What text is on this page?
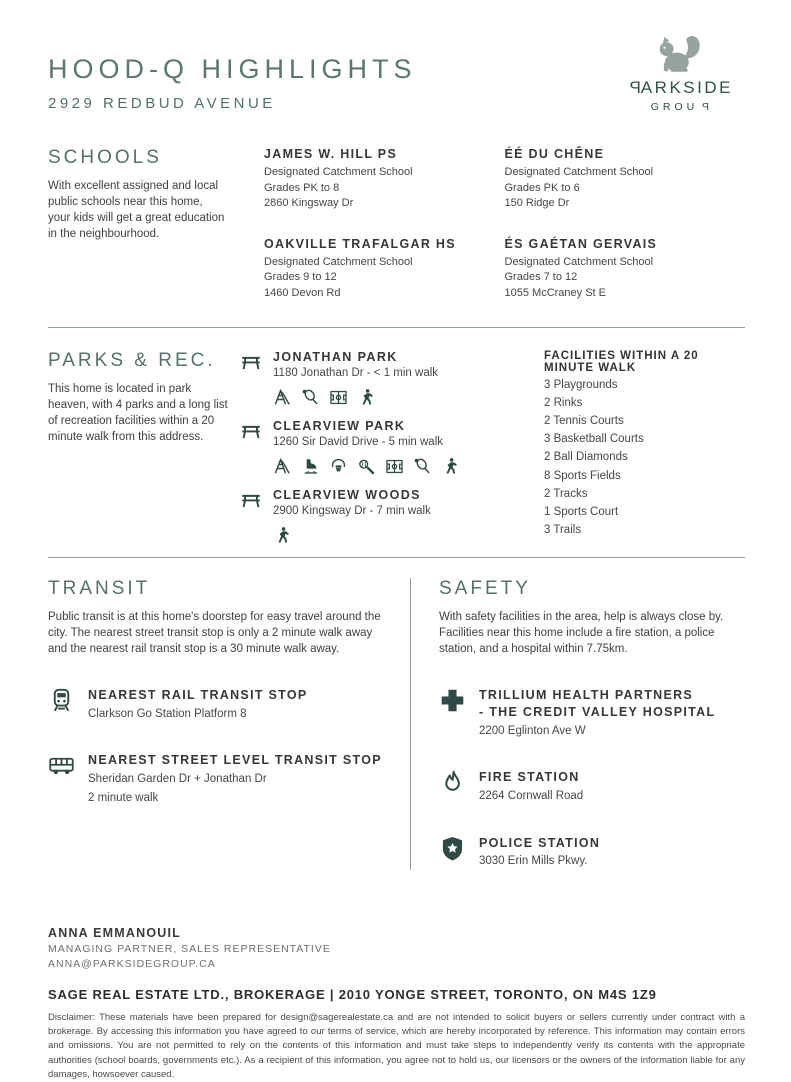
HOOD-Q HIGHLIGHTS
2929 REDBUD AVENUE
PARKSIDE
GROUP
SCHOOLS

With excellent assigned and local public schools near this home, your kids will get a great education in the neighbourhood.

JAMES W. HILL PS
Designated Catchment School
Grades PK to 8
2860 Kingsway Dr
OAKVILLE TRAFALGAR HS
Designated Catchment School
Grades 9 to 12
1460 Devon Rd
ÉÉ DU CHÊNE
Designated Catchment School
Grades PK to 6
150 Ridge Dr
ÉS GAÉTAN GERVAIS
Designated Catchment School
Grades 7 to 12
1055 McCraney St E
PARKS & REC.

This home is located in park heaven, with 4 parks and a long list of recreation facilities within a 20 minute walk from this address.

JONATHAN PARK
1180 Jonathan Dr - < 1 min walk
CLEARVIEW PARK
1260 Sir David Drive - 5 min walk
CLEARVIEW WOODS
2900 Kingsway Dr - 7 min walk
FACILITIES WITHIN A 20 MINUTE WALK
3 Playgrounds
2 Rinks
2 Tennis Courts
3 Basketball Courts
2 Ball Diamonds
8 Sports Fields
2 Tracks
1 Sports Court
3 Trails
TRANSIT

Public transit is at this home's doorstep for easy travel around the city. The nearest street transit stop is only a 2 minute walk away and the nearest rail transit stop is a 30 minute walk away.

NEAREST RAIL TRANSIT STOP
Clarkson Go Station Platform 8
NEAREST STREET LEVEL TRANSIT STOP
Sheridan Garden Dr + Jonathan Dr
2 minute walk
SAFETY

With safety facilities in the area, help is always close by. Facilities near this home include a fire station, a police station, and a hospital within 7.75km.

TRILLIUM HEALTH PARTNERS
- THE CREDIT VALLEY HOSPITAL
2200 Eglinton Ave W
FIRE STATION
2264 Cornwall Road
POLICE STATION
3030 Erin Mills Pkwy.
ANNA EMMANOUIL
MANAGING PARTNER, SALES REPRESENTATIVE
ANNA@PARKSIDEGROUP.CA
SAGE REAL ESTATE LTD., BROKERAGE | 2010 YONGE STREET, TORONTO, ON M4S 1Z9

Disclaimer: These materials have been prepared for design@sagerealestate.ca and are not intended to solicit buyers or sellers currently under contract with a brokerage. By accessing this information you have agreed to our terms of service, which are hereby incorporated by reference. This information may contain errors and omissions. You are not permitted to rely on the contents of this information and must take steps to independently verify its contents with the appropriate authorities (school boards, governments etc.). As a recipient of this information, you agree not to hold us, our licensors or the owners of the information liable for any damages, howsoever caused.
